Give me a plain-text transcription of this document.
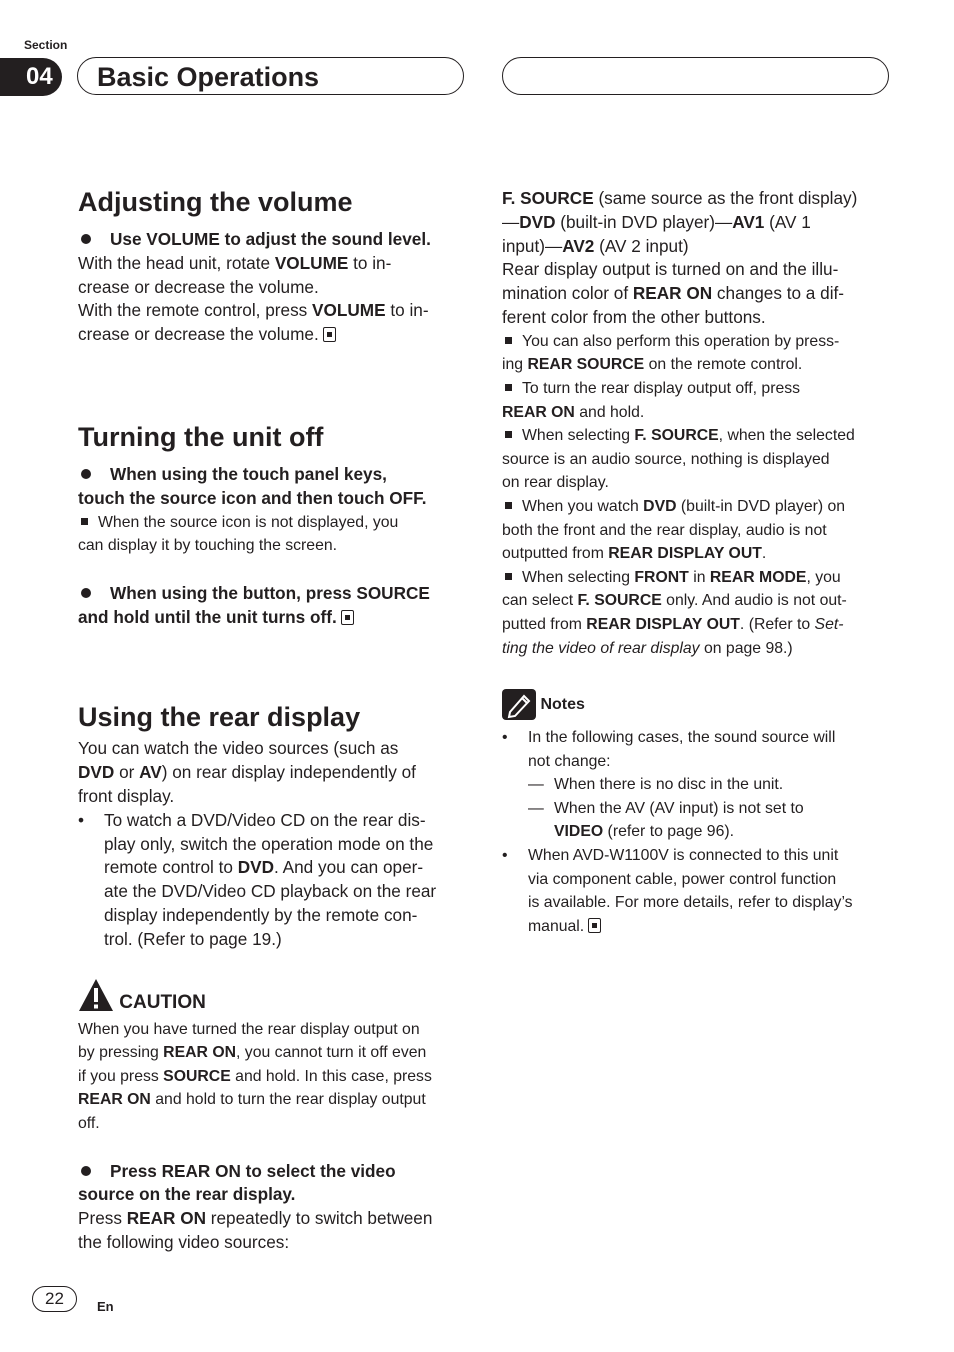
Section
04	Basic Operations
Adjusting the volume

Use VOLUME to adjust the sound level.

With the head unit, rotate VOLUME to in-
crease or decrease the volume.

With the remote control, press VOLUME to in-
crease or decrease the volume.

Turning the unit off

When using the touch panel keys,
touch the source icon and then touch OFF.

When the source icon is not displayed, you
can display it by touching the screen.

When using the button, press SOURCE
and hold until the unit turns off.

Using the rear display

You can watch the video sources (such as
DVD or AV) on rear display independently of
front display.

• To watch a DVD/Video CD on the rear dis-
play only, switch the operation mode on the
remote control to DVD. And you can oper-
ate the DVD/Video CD playback on the rear
display independently by the remote con-
trol. (Refer to page 19.)

CAUTION

When you have turned the rear display output on
by pressing REAR ON, you cannot turn it off even
if you press SOURCE and hold. In this case, press
REAR ON and hold to turn the rear display output
off.

Press REAR ON to select the video
source on the rear display.

Press REAR ON repeatedly to switch between
the following video sources:

F. SOURCE (same source as the front display)
—DVD (built-in DVD player)—AV1 (AV 1
input)—AV2 (AV 2 input)

Rear display output is turned on and the illu-
mination color of REAR ON changes to a dif-
ferent color from the other buttons.

You can also perform this operation by press-
ing REAR SOURCE on the remote control.

To turn the rear display output off, press
REAR ON and hold.

When selecting F. SOURCE, when the selected
source is an audio source, nothing is displayed
on rear display.

When you watch DVD (built-in DVD player) on
both the front and the rear display, audio is not
outputted from REAR DISPLAY OUT.

When selecting FRONT in REAR MODE, you
can select F. SOURCE only. And audio is not out-
putted from REAR DISPLAY OUT. (Refer to Set-
ting the video of rear display on page 98.)

Notes

• In the following cases, the sound source will
not change:

— When there is no disc in the unit.

— When the AV (AV input) is not set to
VIDEO (refer to page 96).

• When AVD-W1100V is connected to this unit
via component cable, power control function
is available. For more details, refer to display’s
manual.

22	En
